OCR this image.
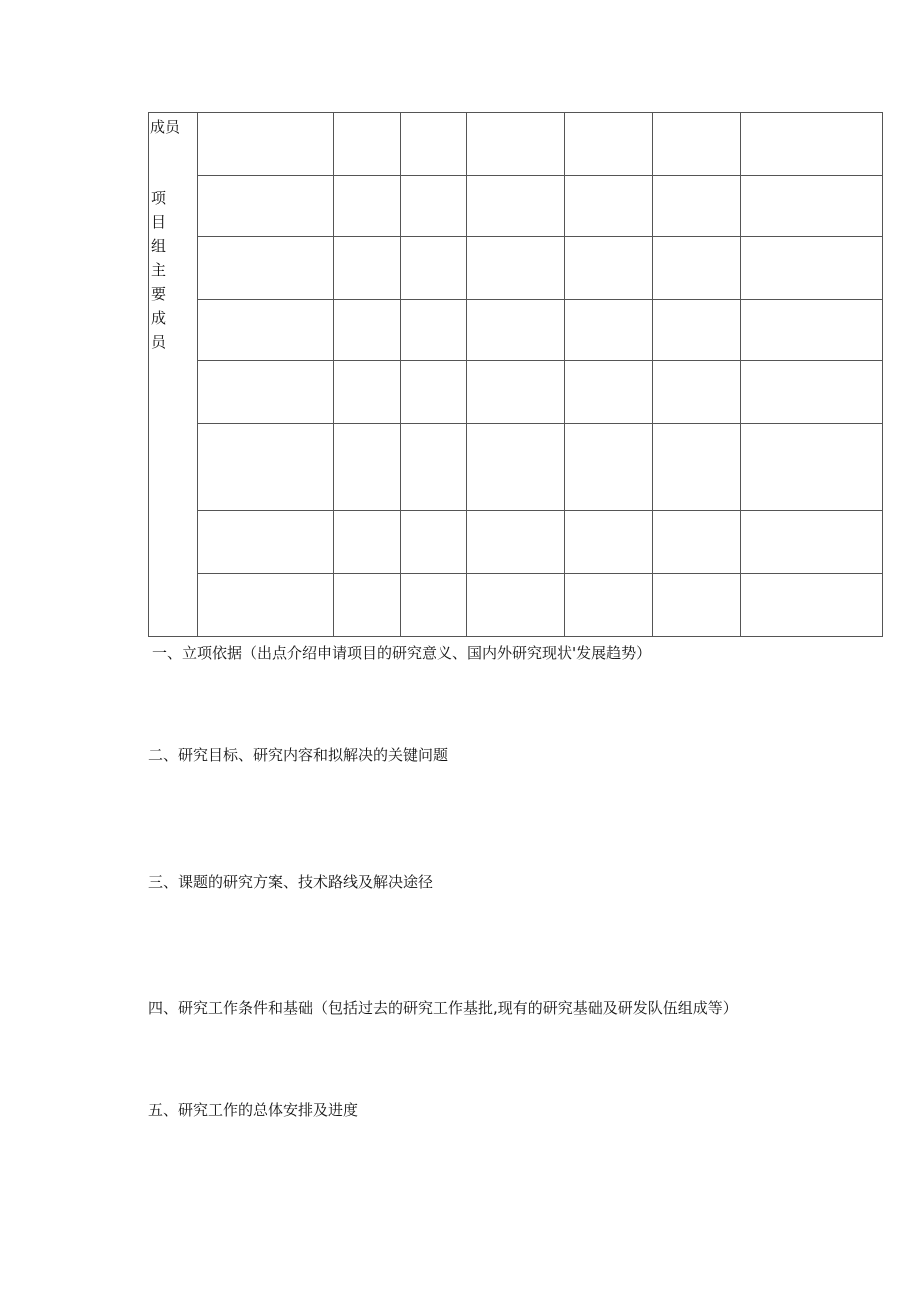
成员
项
目
组
主
要
成
员
一、立项依据（出点介绍申请项目的研究意义、国内外研究现状'发展趋势）
二、研究目标、研究内容和拟解决的关键问题
三、课题的研究方案、技术路线及解决途径
四、研究工作条件和基础（包括过去的研究工作基批,现有的研究基础及研发队伍组成等）
五、研究工作的总体安排及进度
